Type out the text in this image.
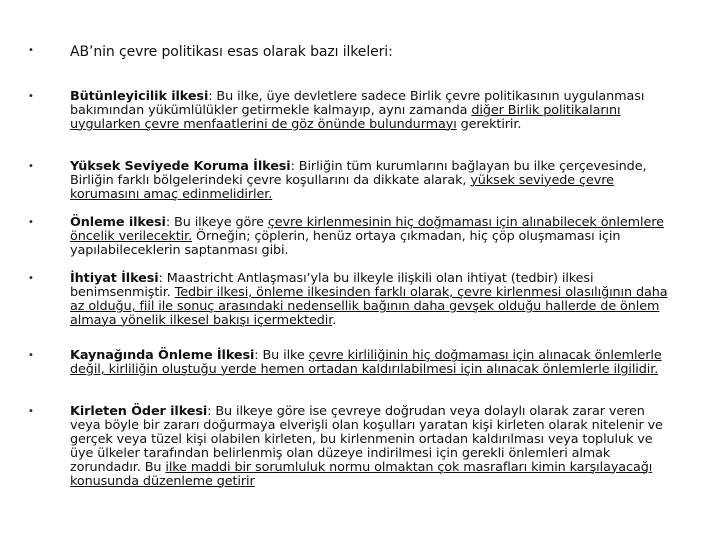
•	AB’nin çevre politikası esas olarak bazı ilkeleri:
•	Bütünleyicilik ilkesi: Bu ilke, üye devletlere sadece Birlik çevre politikasının uygulanması bakımından yükümlülükler getirmekle kalmayıp, aynı zamanda diğer Birlik politikalarını uygularken çevre menfaatlerini de göz önünde bulundurmayı gerektirir.
•	Yüksek Seviyede Koruma İlkesi: Birliğin tüm kurumlarını bağlayan bu ilke çerçevesinde, Birliğin farklı bölgelerindeki çevre koşullarını da dikkate alarak, yüksek seviyede çevre korumasını amaç edinmelidirler.
•	Önleme ilkesi: Bu ilkeye göre çevre kirlenmesinin hiç doğmaması için alınabilecek önlemlere öncelik verilecektir. Örneğin; çöplerin, henüz ortaya çıkmadan, hiç çöp oluşmaması için yapılabileceklerin saptanması gibi.
•	İhtiyat İlkesi: Maastricht Antlaşması’yla bu ilkeyle ilişkili olan ihtiyat (tedbir) ilkesi benimsenmiştir. Tedbir ilkesi, önleme ilkesinden farklı olarak, çevre kirlenmesi olasılığının daha az olduğu, fiil ile sonuç arasındaki nedensellik bağının daha gevşek olduğu hallerde de önlem almaya yönelik ilkesel bakışı içermektedir.
•	Kaynağında Önleme İlkesi: Bu ilke çevre kirliliğinin hiç doğmaması için alınacak önlemlerle değil, kirliliğin oluştuğu yerde hemen ortadan kaldırılabilmesi için alınacak önlemlerle ilgilidir.
•	Kirleten Öder ilkesi: Bu ilkeye göre ise çevreye doğrudan veya dolaylı olarak zarar veren veya böyle bir zararı doğurmaya elverişli olan koşulları yaratan kişi kirleten olarak nitelenir ve gerçek veya tüzel kişi olabilen kirleten, bu kirlenmenin ortadan kaldırılması veya topluluk ve üye ülkeler tarafından belirlenmiş olan düzeye indirilmesi için gerekli önlemleri almak zorundadır. Bu ilke maddi bir sorumluluk normu olmaktan çok masrafları kimin karşılayacağı konusunda düzenleme getirir
